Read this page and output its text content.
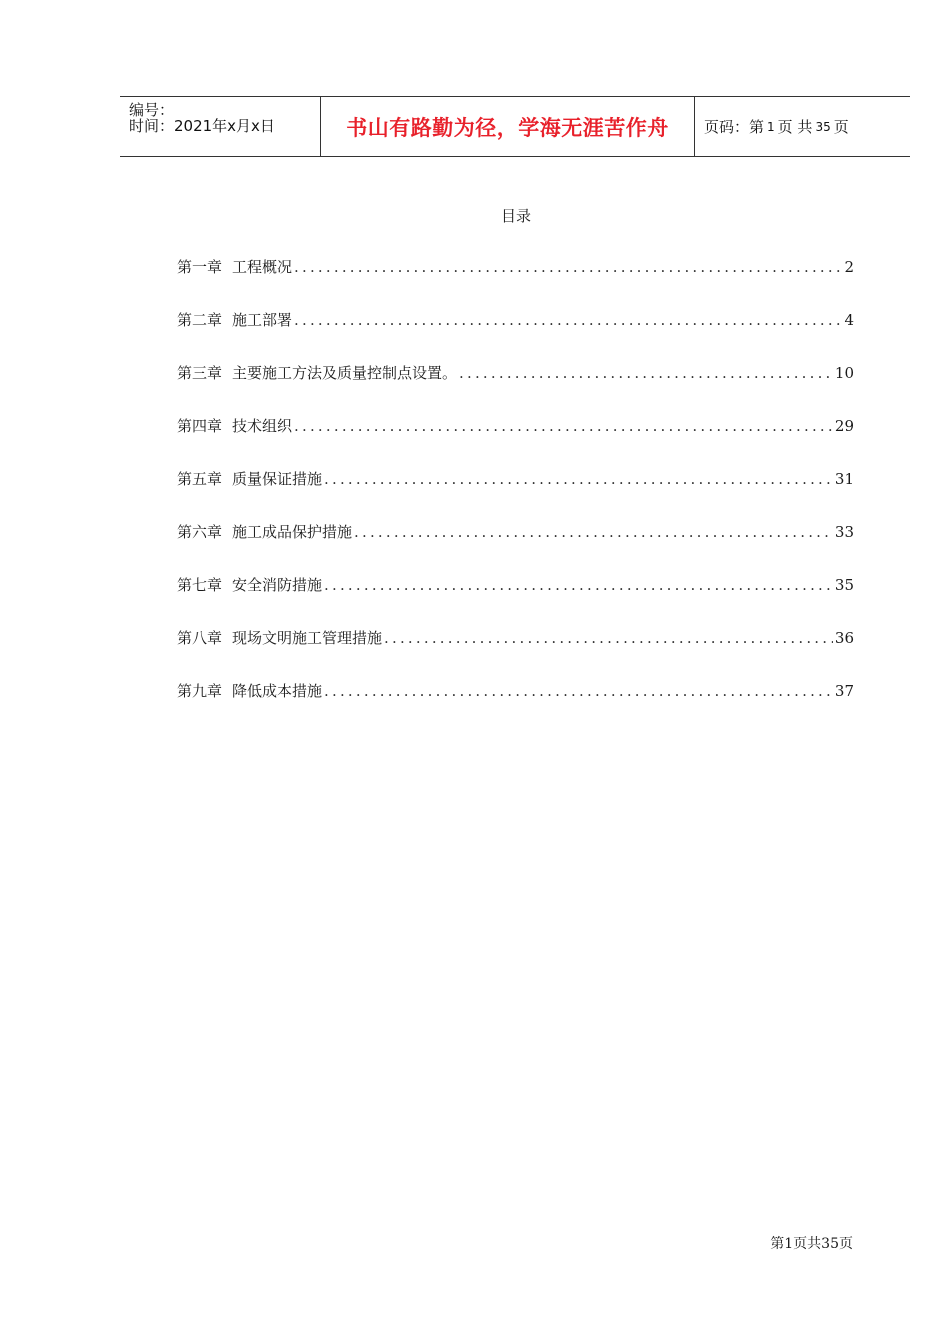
编号：
时间：2021年x月x日	书山有路勤为径，学海无涯苦作舟 页码：第 1 页 共 35 页
目录
第一章 工程概况 .....	2
第二章 施工部署 .....	4
第三章 主要施工方法及质量控制点设置。 .....	10
第四章 技术组织 .....	29
第五章 质量保证措施 .....	31
第六章 施工成品保护措施 .....	33
第七章 安全消防措施 .....	35
第八章 现场文明施工管理措施 .....	36
第九章 降低成本措施 .....	37
第1页共35页
